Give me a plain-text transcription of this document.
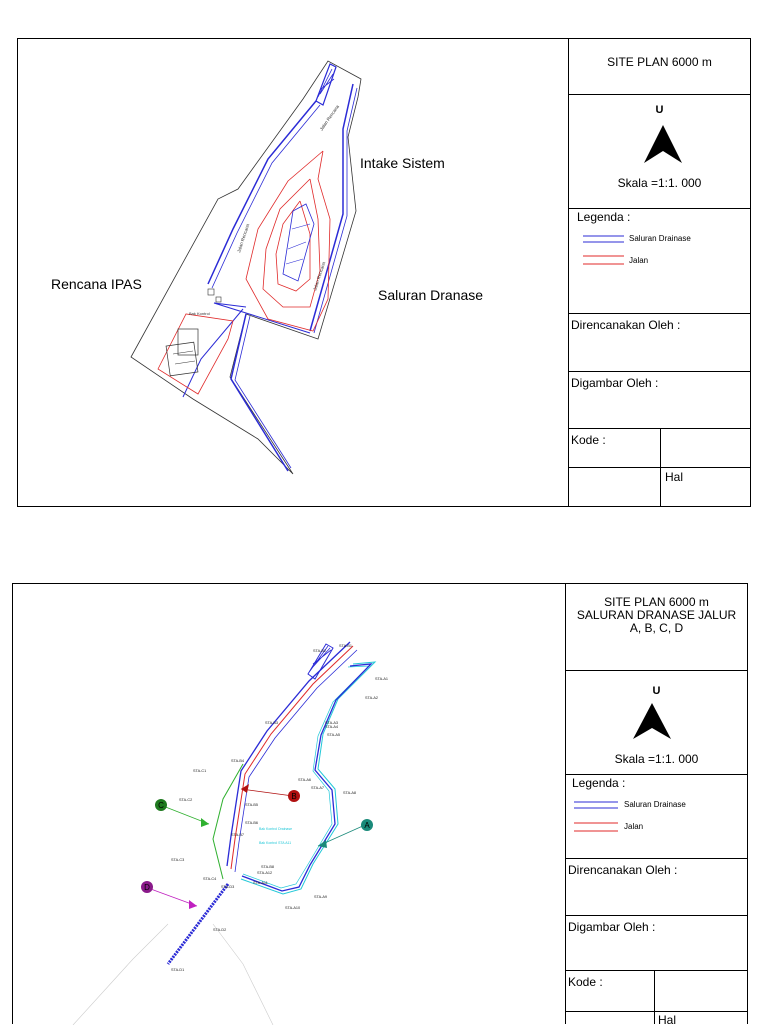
Bak Kontrol
Jalan Rencana
Jalan Rencana
Jalan Rencana
Intake Sistem
Rencana IPAS
Saluran Dranase
SITE PLAN 6000 m
U
Skala =1:1. 000
Legenda :
Saluran Drainase
Jalan
Direncanakan Oleh :
Digambar Oleh :
Kode :
Hal
Bak Kontrol Drainase
Bak Kontrol STA A11
A
B
C
D
STA-B1
STA-B2
STA-A1
STA-A2
STA-B3	STA-A3
STA-A4
STA-A5
STA-B4
STA-C1
STA-A6
STA-A7
STA-A8
STA-B5
STA-C2
STA-B6
STA-B7
STA-C3
STA-B8
STA-A12
STA-C4
STA-A11
STA-D3
STA-A9
STA-A10
STA-D2
STA-D1
SITE PLAN 6000 m
SALURAN DRANASE JALUR
A, B, C, D
U
Skala =1:1. 000
Legenda :
Saluran Drainase
Jalan
Direncanakan Oleh :
Digambar Oleh :
Kode :
Hal
